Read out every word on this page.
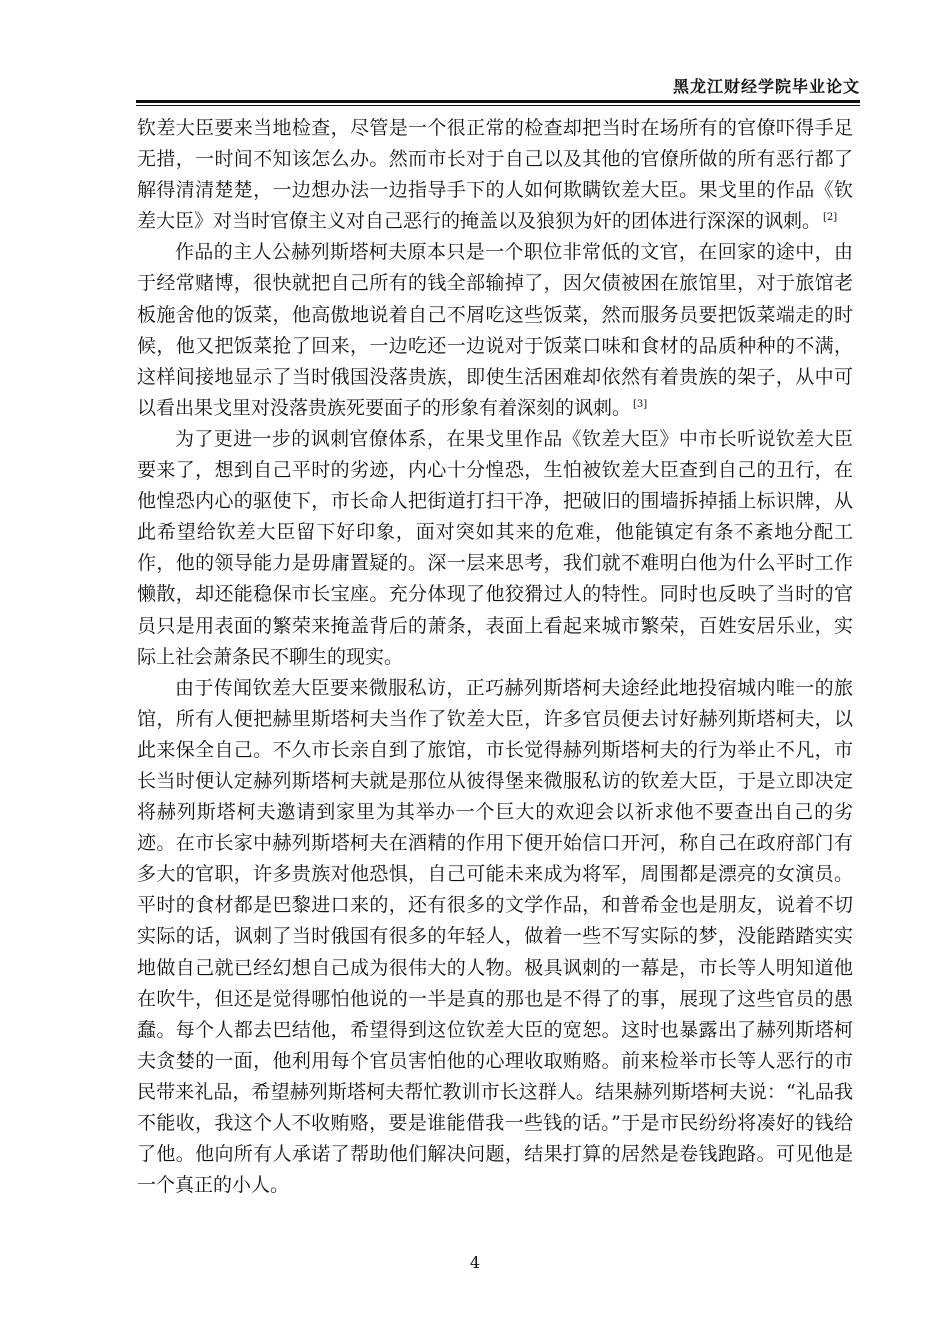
黑龙江财经学院毕业论文

钦差大臣要来当地检查，尽管是一个很正常的检查却把当时在场所有的官僚吓得手足无措，一时间不知该怎么办。然而市长对于自己以及其他的官僚所做的所有恶行都了解得清清楚楚，一边想办法一边指导手下的人如何欺瞒钦差大臣。果戈里的作品《钦差大臣》对当时官僚主义对自己恶行的掩盖以及狼狈为奸的团体进行深深的讽刺。 [2]

作品的主人公赫列斯塔柯夫原本只是一个职位非常低的文官，在回家的途中，由于经常赌博，很快就把自己所有的钱全部输掉了，因欠债被困在旅馆里，对于旅馆老板施舍他的饭菜，他高傲地说着自己不屑吃这些饭菜，然而服务员要把饭菜端走的时候，他又把饭菜抢了回来，一边吃还一边说对于饭菜口味和食材的品质种种的不满，这样间接地显示了当时俄国没落贵族，即使生活困难却依然有着贵族的架子，从中可以看出果戈里对没落贵族死要面子的形象有着深刻的讽刺。 [3]

为了更进一步的讽刺官僚体系，在果戈里作品《钦差大臣》中市长听说钦差大臣要来了，想到自己平时的劣迹，内心十分惶恐，生怕被钦差大臣查到自己的丑行，在他惶恐内心的驱使下，市长命人把街道打扫干净，把破旧的围墙拆掉插上标识牌，从此希望给钦差大臣留下好印象，面对突如其来的危难，他能镇定有条不紊地分配工作，他的领导能力是毋庸置疑的。深一层来思考，我们就不难明白他为什么平时工作懒散，却还能稳保市长宝座。充分体现了他狡猾过人的特性。同时也反映了当时的官员只是用表面的繁荣来掩盖背后的萧条，表面上看起来城市繁荣，百姓安居乐业，实际上社会萧条民不聊生的现实。

由于传闻钦差大臣要来微服私访，正巧赫列斯塔柯夫途经此地投宿城内唯一的旅馆，所有人便把赫里斯塔柯夫当作了钦差大臣，许多官员便去讨好赫列斯塔柯夫，以此来保全自己。不久市长亲自到了旅馆，市长觉得赫列斯塔柯夫的行为举止不凡，市长当时便认定赫列斯塔柯夫就是那位从彼得堡来微服私访的钦差大臣，于是立即决定将赫列斯塔柯夫邀请到家里为其举办一个巨大的欢迎会以祈求他不要查出自己的劣迹。在市长家中赫列斯塔柯夫在酒精的作用下便开始信口开河，称自己在政府部门有多大的官职，许多贵族对他恐惧，自己可能未来成为将军，周围都是漂亮的女演员。平时的食材都是巴黎进口来的，还有很多的文学作品，和普希金也是朋友，说着不切实际的话，讽刺了当时俄国有很多的年轻人，做着一些不写实际的梦，没能踏踏实实地做自己就已经幻想自己成为很伟大的人物。极具讽刺的一幕是，市长等人明知道他在吹牛，但还是觉得哪怕他说的一半是真的那也是不得了的事，展现了这些官员的愚蠢。每个人都去巴结他，希望得到这位钦差大臣的宽恕。这时也暴露出了赫列斯塔柯夫贪婪的一面，他利用每个官员害怕他的心理收取贿赂。前来检举市长等人恶行的市民带来礼品，希望赫列斯塔柯夫帮忙教训市长这群人。结果赫列斯塔柯夫说：“礼品我不能收，我这个人不收贿赂，要是谁能借我一些钱的话。”于是市民纷纷将凑好的钱给了他。他向所有人承诺了帮助他们解决问题，结果打算的居然是卷钱跑路。可见他是一个真正的小人。

4
